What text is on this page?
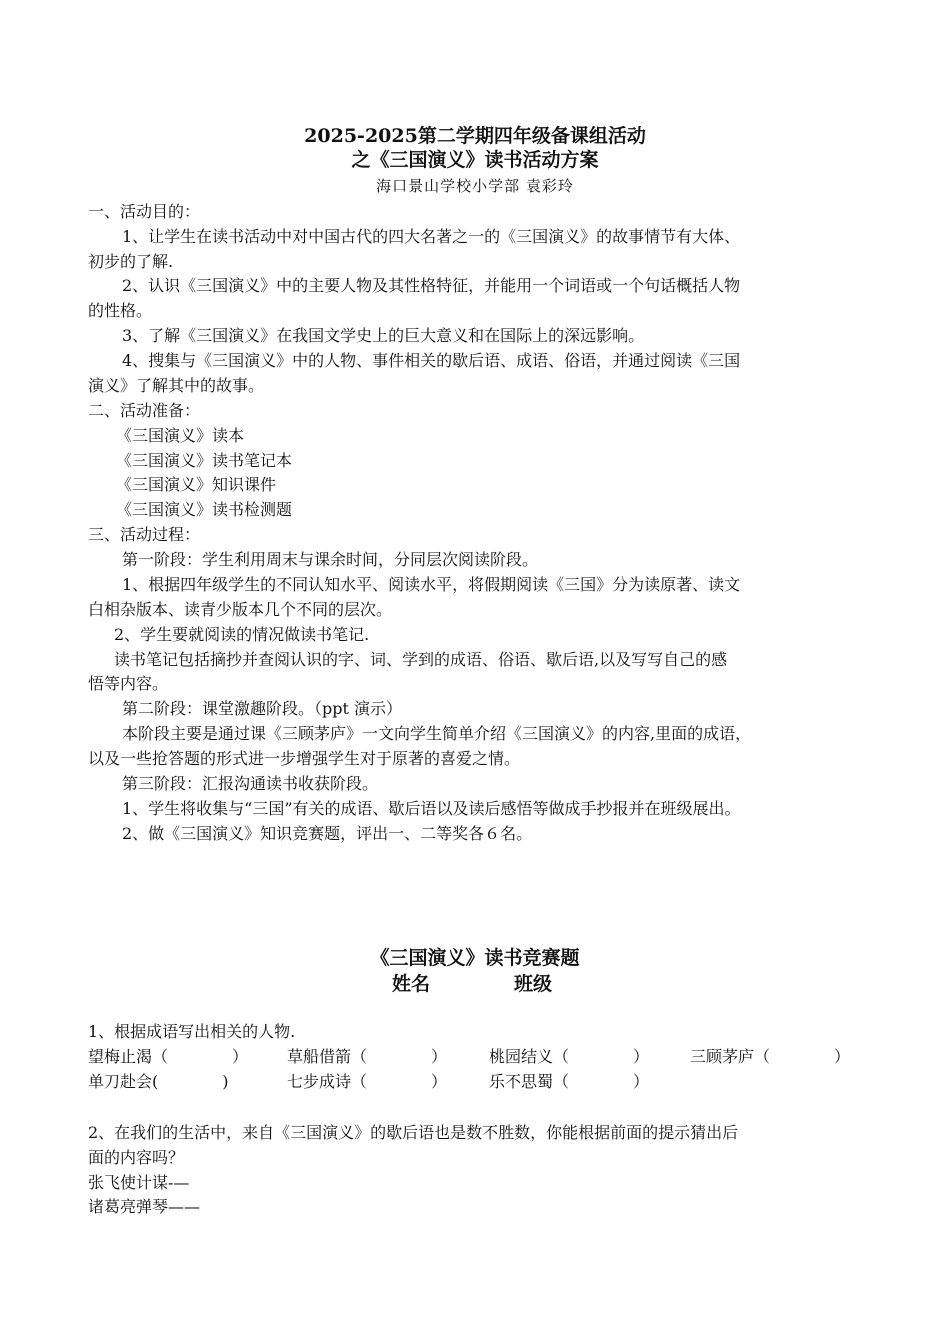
2025-2025第二学期四年级备课组活动
之《三国演义》读书活动方案
海口景山学校小学部 袁彩玲
一、活动目的：
1、让学生在读书活动中对中国古代的四大名著之一的《三国演义》的故事情节有大体、
初步的了解.
2、认识《三国演义》中的主要人物及其性格特征，并能用一个词语或一个句话概括人物
的性格。
3、了解《三国演义》在我国文学史上的巨大意义和在国际上的深远影响。
4、搜集与《三国演义》中的人物、事件相关的歇后语、成语、俗语，并通过阅读《三国
演义》了解其中的故事。
二、活动准备：
《三国演义》读本
《三国演义》读书笔记本
《三国演义》知识课件
《三国演义》读书检测题
三、活动过程：
第一阶段：学生利用周末与课余时间，分同层次阅读阶段。
1、根据四年级学生的不同认知水平、阅读水平，将假期阅读《三国》分为读原著、读文
白相杂版本、读青少版本几个不同的层次。
2、学生要就阅读的情况做读书笔记.
读书笔记包括摘抄并查阅认识的字、词、学到的成语、俗语、歇后语,以及写写自己的感
悟等内容。
第二阶段：课堂激趣阶段。（ppt 演示）
本阶段主要是通过课《三顾茅庐》一文向学生简单介绍《三国演义》的内容,里面的成语，
以及一些抢答题的形式进一步增强学生对于原著的喜爱之情。
第三阶段：汇报沟通读书收获阶段。
1、学生将收集与“三国”有关的成语、歇后语以及读后感悟等做成手抄报并在班级展出。
2、做《三国演义》知识竞赛题，评出一、二等奖各６名。
《三国演义》读书竞赛题
姓名	班级
1、根据成语写出相关的人物.
望梅止渴（　　　　） 草船借箭（　　　　）	桃园结义（　　　　）	三顾茅庐（　　　　）
单刀赴会(　　　　)	七步成诗（　　　　）	乐不思蜀（　　　　）
2、在我们的生活中，来自《三国演义》的歇后语也是数不胜数，你能根据前面的提示猜出后
面的内容吗？
张飞使计谋-—
诸葛亮弹琴——
